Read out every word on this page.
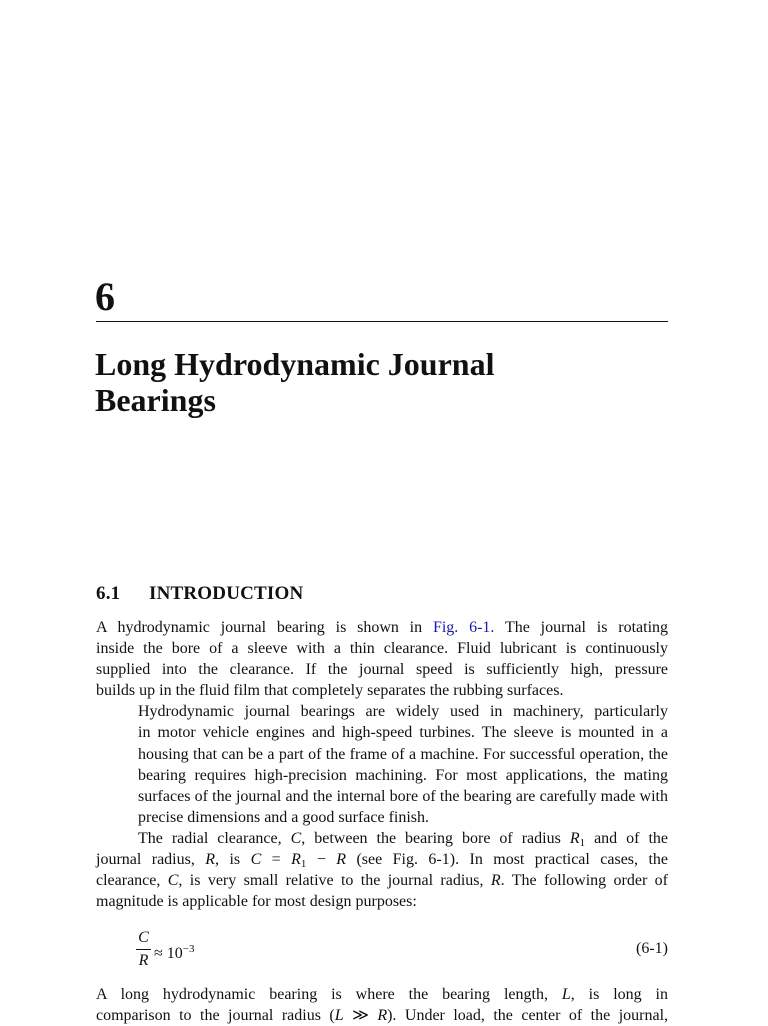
6
Long Hydrodynamic Journal
Bearings
6.1 INTRODUCTION

A hydrodynamic journal bearing is shown in Fig. 6-1. The journal is rotating
inside the bore of a sleeve with a thin clearance. Fluid lubricant is continuously
supplied into the clearance. If the journal speed is sufficiently high, pressure
builds up in the fluid film that completely separates the rubbing surfaces.

Hydrodynamic journal bearings are widely used in machinery, particularly
in motor vehicle engines and high-speed turbines. The sleeve is mounted in a
housing that can be a part of the frame of a machine. For successful operation, the
bearing requires high-precision machining. For most applications, the mating
surfaces of the journal and the internal bore of the bearing are carefully made with
precise dimensions and a good surface finish.

The radial clearance, C, between the bearing bore of radius $R_1$ and of the
journal radius, R, is $C = R_1 - R$ (see Fig. 6-1). In most practical cases, the
clearance, C, is very small relative to the journal radius, R. The following order of
magnitude is applicable for most design purposes:

C
$R \approx 10^{-3}$	(6-1)
A long hydrodynamic bearing is where the bearing length, L, is long in
comparison to the journal radius (L ≫ R). Under load, the center of the journal,
